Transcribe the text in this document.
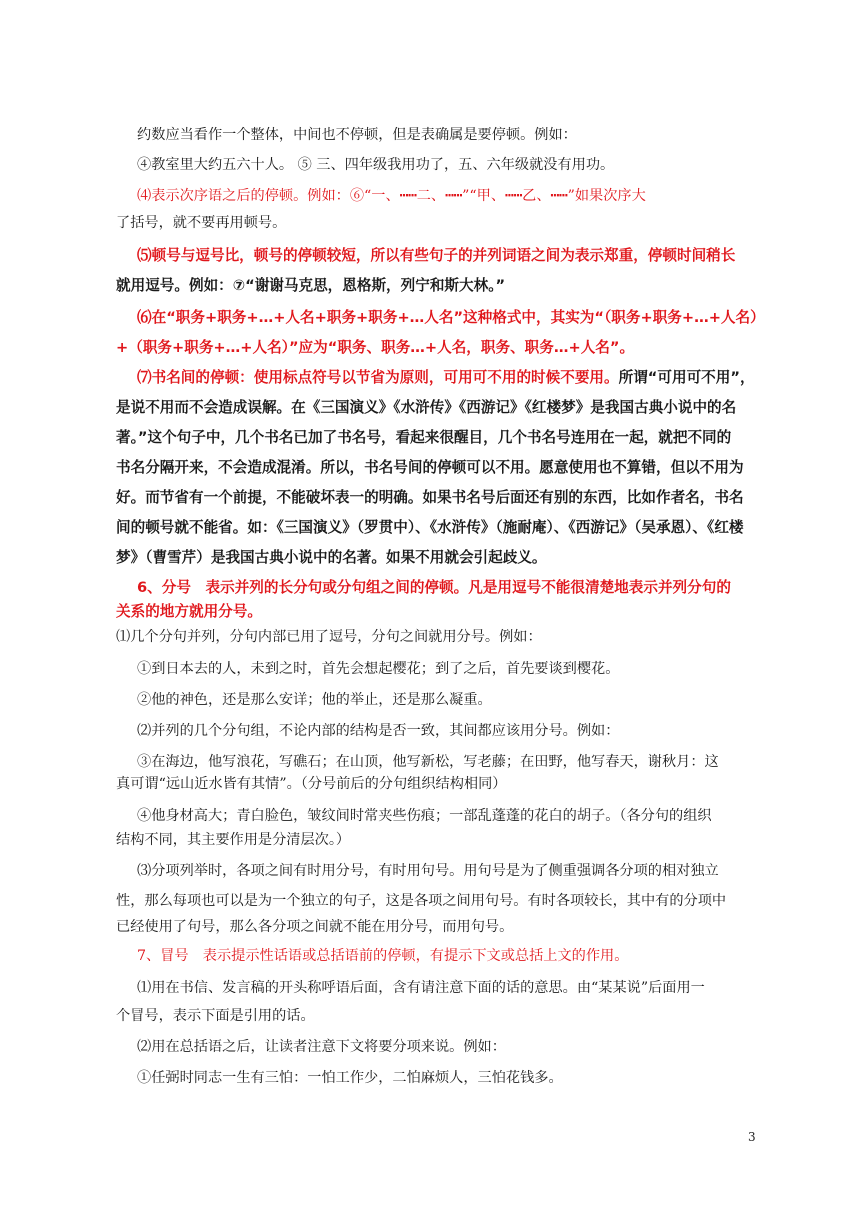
约数应当看作一个整体，中间也不停顿，但是表确属是要停顿。例如：
④教室里大约五六十人。 ⑤ 三、四年级我用功了，五、六年级就没有用功。
⑷表示次序语之后的停顿。例如：⑥“一、┅┅二、┅┅”“甲、┅┅乙、┅┅”如果次序大
了括号，就不要再用顿号。
⑸顿号与逗号比，顿号的停顿较短，所以有些句子的并列词语之间为表示郑重，停顿时间稍长
就用逗号。例如：⑦“谢谢马克思，恩格斯，列宁和斯大林。”
⑹在“职务+职务+…+人名+职务+职务+…人名”这种格式中，其实为“（职务+职务+…+人名）
+（职务+职务+…+人名）”应为“职务、职务…+人名，职务、职务…+人名”。
⑺书名间的停顿：使用标点符号以节省为原则，可用可不用的时候不要用。所谓“可用可不用”，
是说不用而不会造成误解。在《三国演义》《水浒传》《西游记》《红楼梦》是我国古典小说中的名
著。”这个句子中，几个书名已加了书名号，看起来很醒目，几个书名号连用在一起，就把不同的
书名分隔开来，不会造成混淆。所以，书名号间的停顿可以不用。愿意使用也不算错，但以不用为
好。而节省有一个前提，不能破坏表一的明确。如果书名号后面还有别的东西，比如作者名，书名
间的顿号就不能省。如：《三国演义》（罗贯中）、《水浒传》（施耐庵）、《西游记》（吴承恩）、《红楼
梦》（曹雪芹）是我国古典小说中的名著。如果不用就会引起歧义。
6、分号　表示并列的长分句或分句组之间的停顿。凡是用逗号不能很清楚地表示并列分句的
关系的地方就用分号。
⑴几个分句并列，分句内部已用了逗号，分句之间就用分号。例如：
①到日本去的人，未到之时，首先会想起樱花；到了之后，首先要谈到樱花。
②他的神色，还是那么安详；他的举止，还是那么凝重。
⑵并列的几个分句组，不论内部的结构是否一致，其间都应该用分号。例如：
③在海边，他写浪花，写礁石；在山顶，他写新松，写老藤；在田野，他写春天，谢秋月：这
真可谓“远山近水皆有其情”。（分号前后的分句组织结构相同）
④他身材高大；青白脸色，皱纹间时常夹些伤痕；一部乱蓬蓬的花白的胡子。（各分句的组织
结构不同，其主要作用是分清层次。）
⑶分项列举时，各项之间有时用分号，有时用句号。用句号是为了侧重强调各分项的相对独立
性，那么每项也可以是为一个独立的句子，这是各项之间用句号。有时各项较长，其中有的分项中
已经使用了句号，那么各分项之间就不能在用分号，而用句号。
7、冒号　表示提示性话语或总括语前的停顿，有提示下文或总括上文的作用。
⑴用在书信、发言稿的开头称呼语后面，含有请注意下面的话的意思。由“某某说”后面用一
个冒号，表示下面是引用的话。
⑵用在总括语之后，让读者注意下文将要分项来说。例如：
①任弼时同志一生有三怕：一怕工作少，二怕麻烦人，三怕花钱多。
3
